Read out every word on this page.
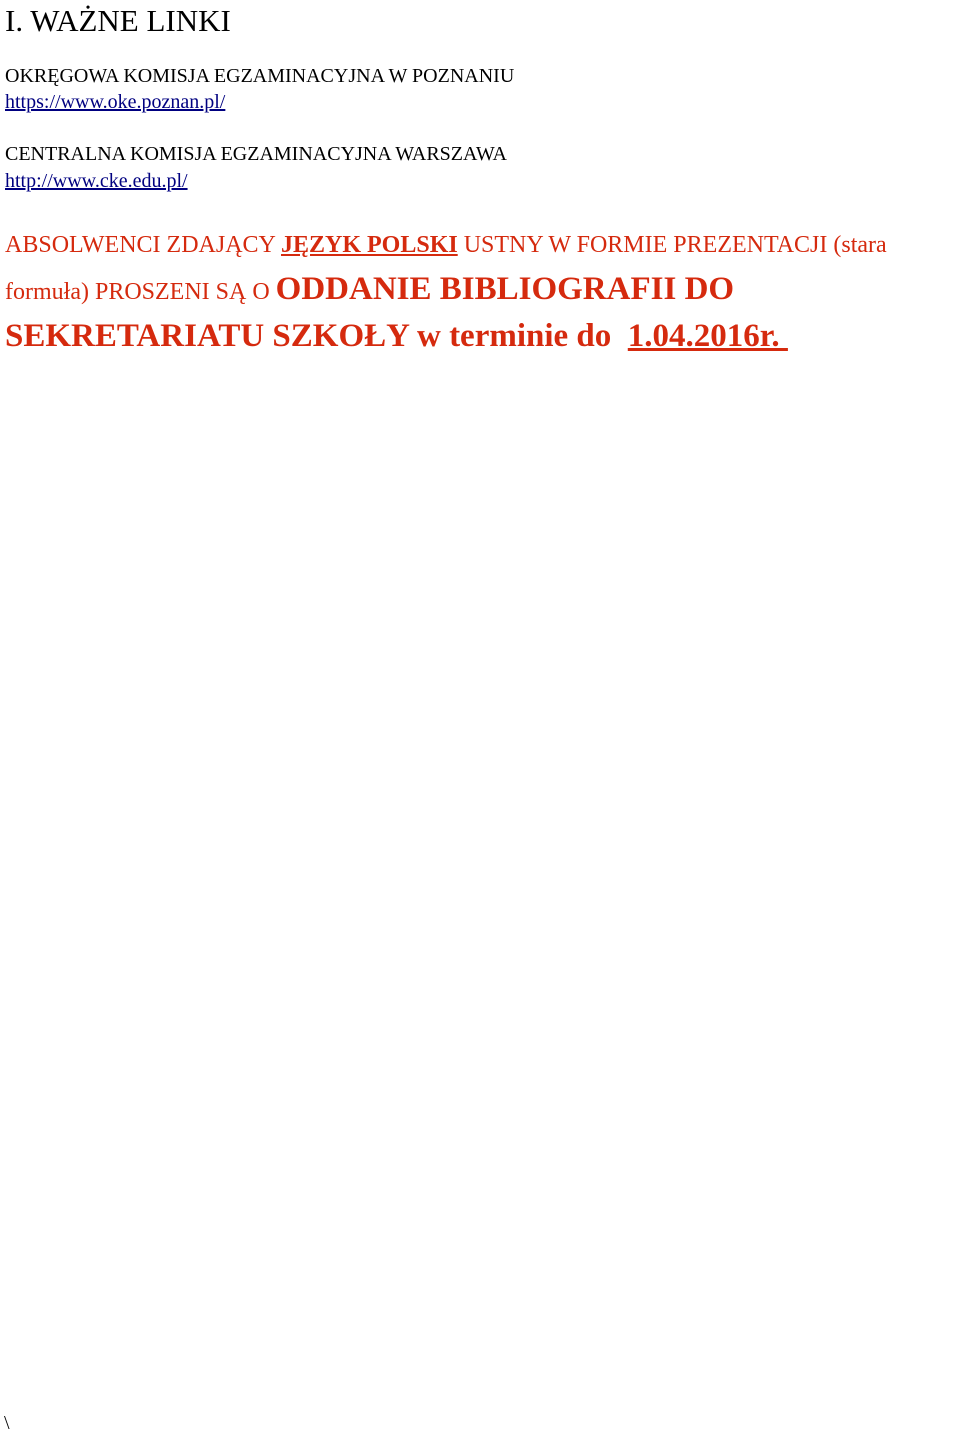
I. WAŻNE LINKI

OKRĘGOWA KOMISJA EGZAMINACYJNA W POZNANIU

https://www.oke.poznan.pl/

CENTRALNA KOMISJA EGZAMINACYJNA WARSZAWA

http://www.cke.edu.pl/
ABSOLWENCI ZDAJĄCY JĘZYK POLSKI USTNY W FORMIE PREZENTACJI (stara
formuła) PROSZENI SĄ O ODDANIE BIBLIOGRAFII DO
SEKRETARIATU SZKOŁY w terminie do  1.04.2016r.
\
